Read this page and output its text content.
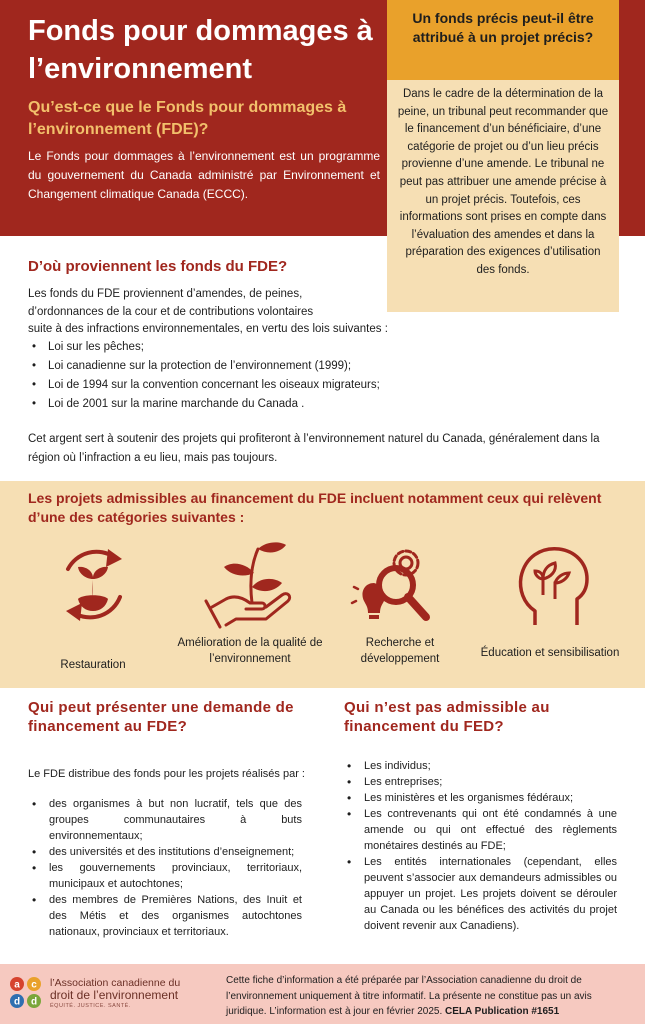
Fonds pour dommages à l’environnement
Qu’est-ce que le Fonds pour dommages à l’environnement (FDE)?

Le Fonds pour dommages à l’environnement est un programme du gouvernement du Canada administré par Environnement et Changement climatique Canada (ECCC).

Un fonds précis peut-il être attribué à un projet précis?
Dans le cadre de la détermination de la peine, un tribunal peut recommander que le financement d’un bénéficiaire, d’une catégorie de projet ou d’un lieu précis provienne d’une amende. Le tribunal ne peut pas attribuer une amende précise à un projet précis. Toutefois, ces informations sont prises en compte dans l’évaluation des amendes et dans la préparation des exigences d’utilisation des fonds.
D’où proviennent les fonds du FDE?

Les fonds du FDE proviennent d’amendes, de peines,
d’ordonnances de la cour et de contributions volontaires
suite à des infractions environnementales, en vertu des lois suivantes :

• Loi sur les pêches;
• Loi canadienne sur la protection de l’environnement (1999);
• Loi de 1994 sur la convention concernant les oiseaux migrateurs;
• Loi de 2001 sur la marine marchande du Canada .

Cet argent sert à soutenir des projets qui profiteront à l’environnement naturel du Canada, généralement dans la région où l’infraction a eu lieu, mais pas toujours.

Les projets admissibles au financement du FDE incluent notamment ceux qui relèvent d’une des catégories suivantes :
Restauration
Amélioration de la qualité de l’environnement
Recherche et développement	Éducation et sensibilisation
Qui peut présenter une demande de financement au FDE?

Le FDE distribue des fonds pour les projets réalisés par :

• des organismes à but non lucratif, tels que des groupes communautaires à buts environnementaux;
• des universités et des institutions d’enseignement;
• les gouvernements provinciaux, territoriaux, municipaux et autochtones;
• des membres de Premières Nations, des Inuit et des Métis et des organismes autochtones nationaux, provinciaux et territoriaux.
Qui n’est pas admissible au financement du FED?
• Les individus;
• Les entreprises;
• Les ministères et les organismes fédéraux;
• Les contrevenants qui ont été condamnés à une amende ou qui ont effectué des règlements monétaires destinés au FDE;
• Les entités internationales (cependant, elles peuvent s’associer aux demandeurs admissibles ou appuyer un projet. Les projets doivent se dérouler au Canada ou les bénéfices des activités du projet doivent revenir aux Canadiens).
a c
d d
l’Association canadienne du
droit de l’environnement
ÉQUITÉ. JUSTICE. SANTÉ.

Cette fiche d’information a été préparée par l’Association canadienne du droit de l’environnement uniquement à titre informatif. La présente ne constitue pas un avis juridique. L’information est à jour en février 2025. CELA Publication #1651
